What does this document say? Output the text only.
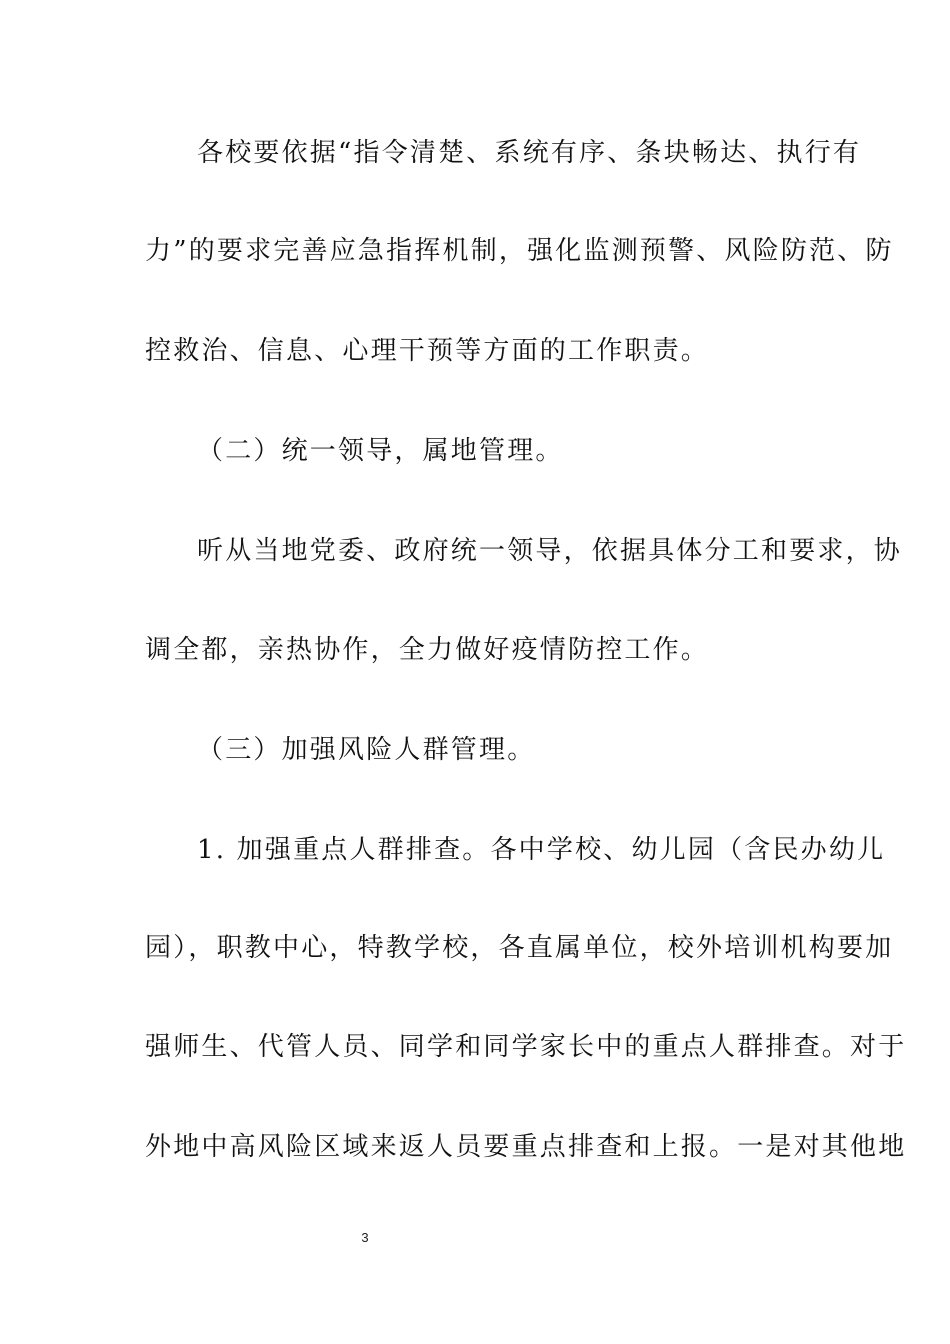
各校要依据“指令清楚、系统有序、条块畅达、执行有
力”的要求完善应急指挥机制，强化监测预警、风险防范、防
控救治、信息、心理干预等方面的工作职责。
（二）统一领导，属地管理。
听从当地党委、政府统一领导，依据具体分工和要求，协
调全都，亲热协作，全力做好疫情防控工作。
（三）加强风险人群管理。
1. 加强重点人群排查。各中学校、幼儿园（含民办幼儿
园），职教中心，特教学校，各直属单位，校外培训机构要加
强师生、代管人员、同学和同学家长中的重点人群排查。对于
外地中高风险区域来返人员要重点排查和上报。一是对其他地
3
